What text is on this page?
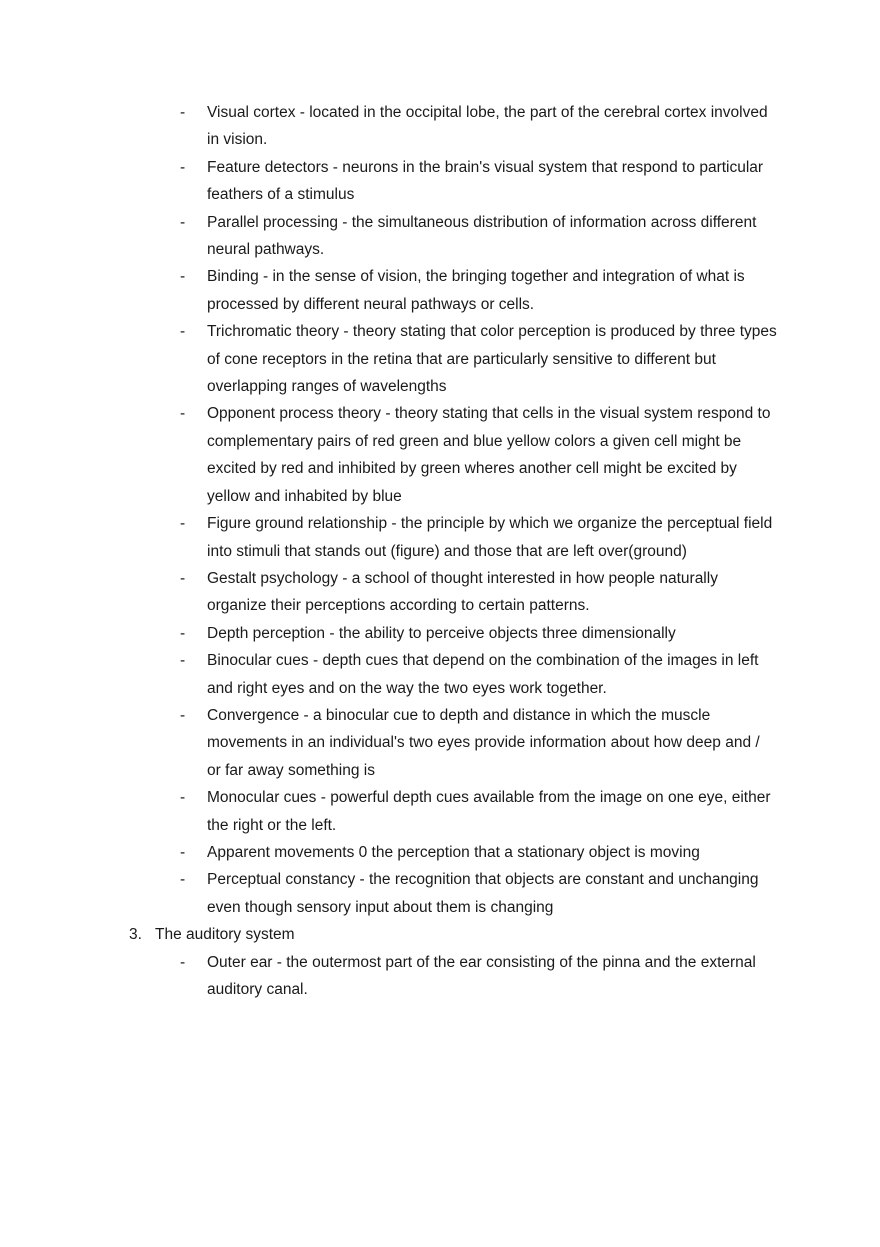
- Visual cortex - located in the occipital lobe, the part of the cerebral cortex involved in vision.
- Feature detectors - neurons in the brain's visual system that respond to particular feathers of a stimulus
- Parallel processing - the simultaneous distribution of information across different neural pathways.
- Binding - in the sense of vision, the bringing together and integration of what is processed by different neural pathways or cells.
- Trichromatic theory - theory stating that color perception is produced by three types of cone receptors in the retina that are particularly sensitive to different but overlapping ranges of wavelengths
- Opponent process theory - theory stating that cells in the visual system respond to complementary pairs of red green and blue yellow colors a given cell might be excited by red and inhibited by green wheres another cell might be excited by yellow and inhabited by blue
- Figure ground relationship - the principle by which we organize the perceptual field into stimuli that stands out (figure) and those that are left over(ground)
- Gestalt psychology - a school of thought interested in how people naturally organize their perceptions according to certain patterns.
- Depth perception - the ability to perceive objects three dimensionally
- Binocular cues - depth cues that depend on the combination of the images in left and right eyes and on the way the two eyes work together.
- Convergence - a binocular cue to depth and distance in which the muscle movements in an individual's two eyes provide information about how deep and / or far away something is
- Monocular cues - powerful depth cues available from the image on one eye, either the right or the left.
- Apparent movements 0 the perception that a stationary object is moving
- Perceptual constancy - the recognition that objects are constant and unchanging even though sensory input about them is changing
3. The auditory system
- Outer ear - the outermost part of the ear consisting of the pinna and the external auditory canal.
